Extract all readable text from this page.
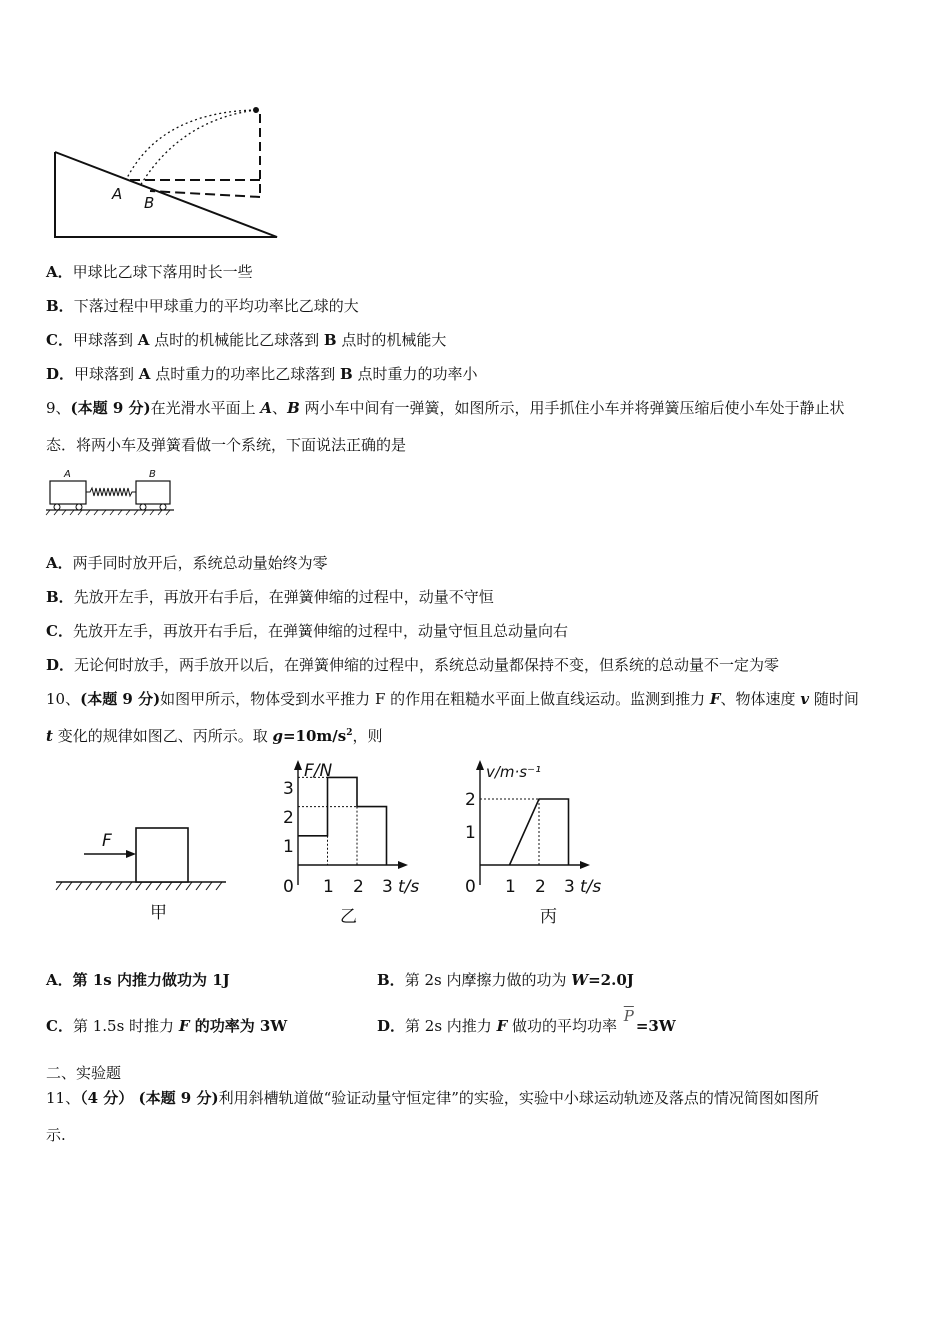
A B
A．甲球比乙球下落用时长一些
B．下落过程中甲球重力的平均功率比乙球的大
C．甲球落到 A 点时的机械能比乙球落到 B 点时的机械能大
D．甲球落到 A 点时重力的功率比乙球落到 B 点时重力的功率小
9、(本题 9 分)在光滑水平面上 A、B 两小车中间有一弹簧，如图所示，用手抓住小车并将弹簧压缩后使小车处于静止状
态．将两小车及弹簧看做一个系统，下面说法正确的是
A	B
A．两手同时放开后，系统总动量始终为零
B．先放开左手，再放开右手后，在弹簧伸缩的过程中，动量不守恒
C．先放开左手，再放开右手后，在弹簧伸缩的过程中，动量守恒且总动量向右
D．无论何时放手，两手放开以后，在弹簧伸缩的过程中，系统总动量都保持不变，但系统的总动量不一定为零
10、(本题 9 分)如图甲所示，物体受到水平推力 F 的作用在粗糙水平面上做直线运动。监测到推力 F、物体速度 v 随时间
t 变化的规律如图乙、丙所示。取 $g=10m/s^2$，则
F
甲
F/N
3
2
1
0 1 2 3 t/s
乙
v/m·s⁻¹
2
1
0 1 2 3 t/s
丙
A．第 1s 内推力做功为 1J	B．第 2s 内摩擦力做的功为 W=2.0J
C．第 1.5s 时推力 F 的功率为 3W	D．第 2s 内推力 F 做功的平均功率 $\overline{P}=3W$
二、实验题
11、（4 分） (本题 9 分)利用斜槽轨道做“验证动量守恒定律”的实验，实验中小球运动轨迹及落点的情况简图如图所
示.
